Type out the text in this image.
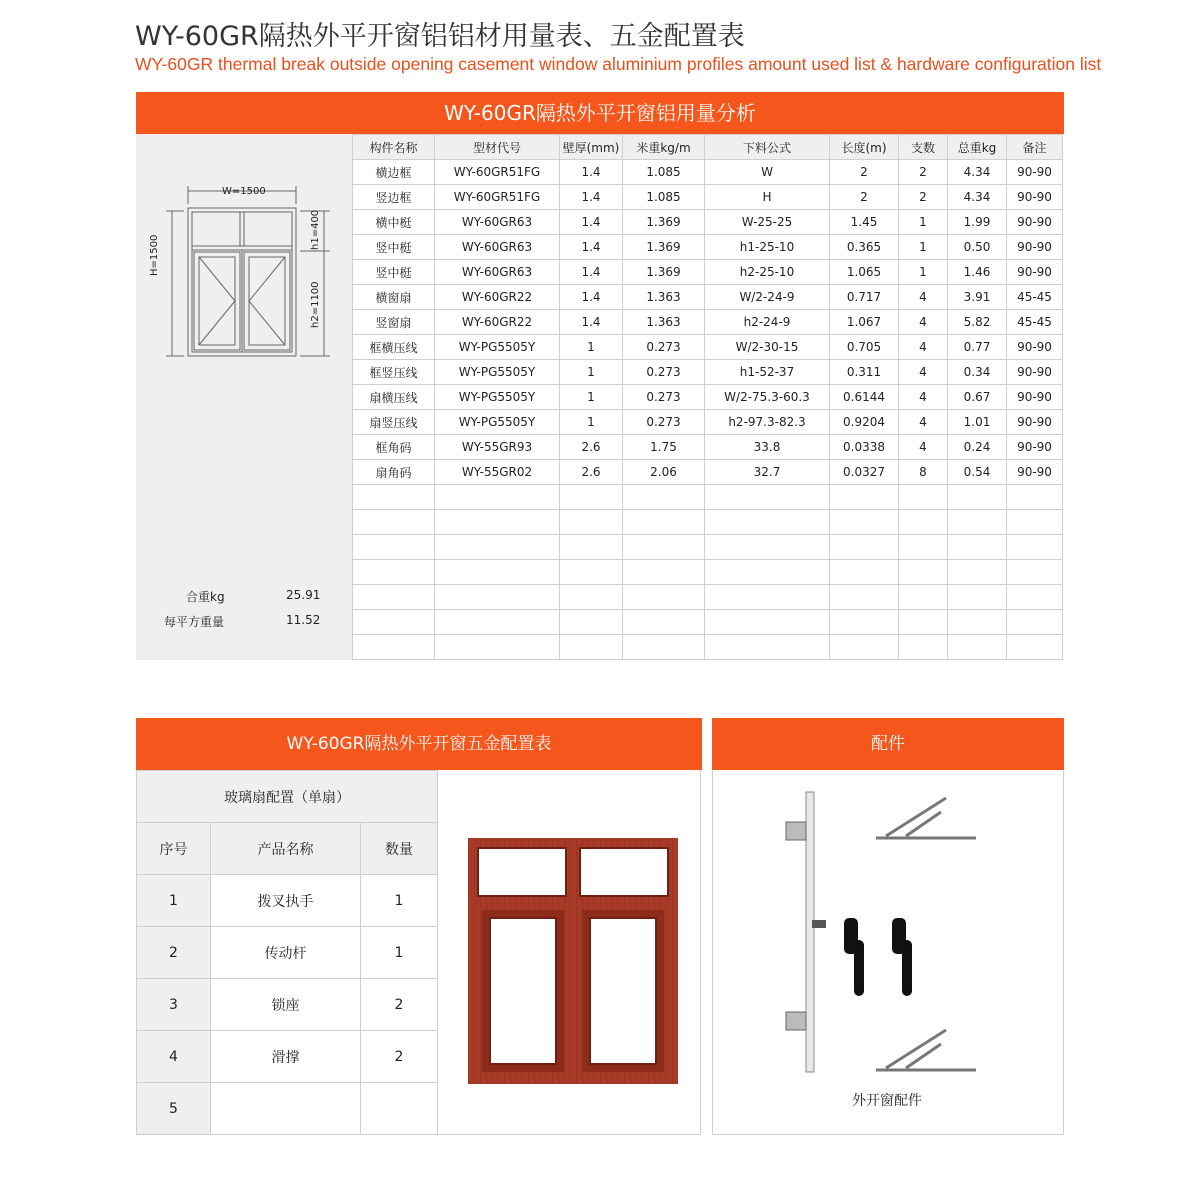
WY-60GR隔热外平开窗铝铝材用量表、五金配置表
WY-60GR thermal break outside opening casement window aluminium profiles amount used list & hardware configuration list
WY-60GR隔热外平开窗铝用量分析
W=1500
H=1500
h1=400
h2=1100
合重kg	25.91
每平方重量	11.52
构件名称	型材代号	壁厚(mm)	米重kg/m	下料公式	长度(m)	支数	总重kg	备注
横边框	WY-60GR51FG	1.4	1.085	W	2	2	4.34	90-90
竖边框	WY-60GR51FG	1.4	1.085	H	2	2	4.34	90-90
横中梃	WY-60GR63	1.4	1.369	W-25-25	1.45	1	1.99	90-90
竖中梃	WY-60GR63	1.4	1.369	h1-25-10	0.365	1	0.50	90-90
竖中梃	WY-60GR63	1.4	1.369	h2-25-10	1.065	1	1.46	90-90
横窗扇	WY-60GR22	1.4	1.363	W/2-24-9	0.717	4	3.91	45-45
竖窗扇	WY-60GR22	1.4	1.363	h2-24-9	1.067	4	5.82	45-45
框横压线	WY-PG5505Y	1	0.273	W/2-30-15	0.705	4	0.77	90-90
框竖压线	WY-PG5505Y	1	0.273	h1-52-37	0.311	4	0.34	90-90
扇横压线	WY-PG5505Y	1	0.273	W/2-75.3-60.3	0.6144	4	0.67	90-90
扇竖压线	WY-PG5505Y	1	0.273	h2-97.3-82.3	0.9204	4	1.01	90-90
框角码	WY-55GR93	2.6	1.75	33.8	0.0338	4	0.24	90-90
扇角码	WY-55GR02	2.6	2.06	32.7	0.0327	8	0.54	90-90

WY-60GR隔热外平开窗五金配置表	配件
玻璃扇配置（单扇）		
序号	产品名称	数量
1	拨叉执手	1
2	传动杆	1
3	锁座	2
4	滑撑	2
5			外开窗配件
